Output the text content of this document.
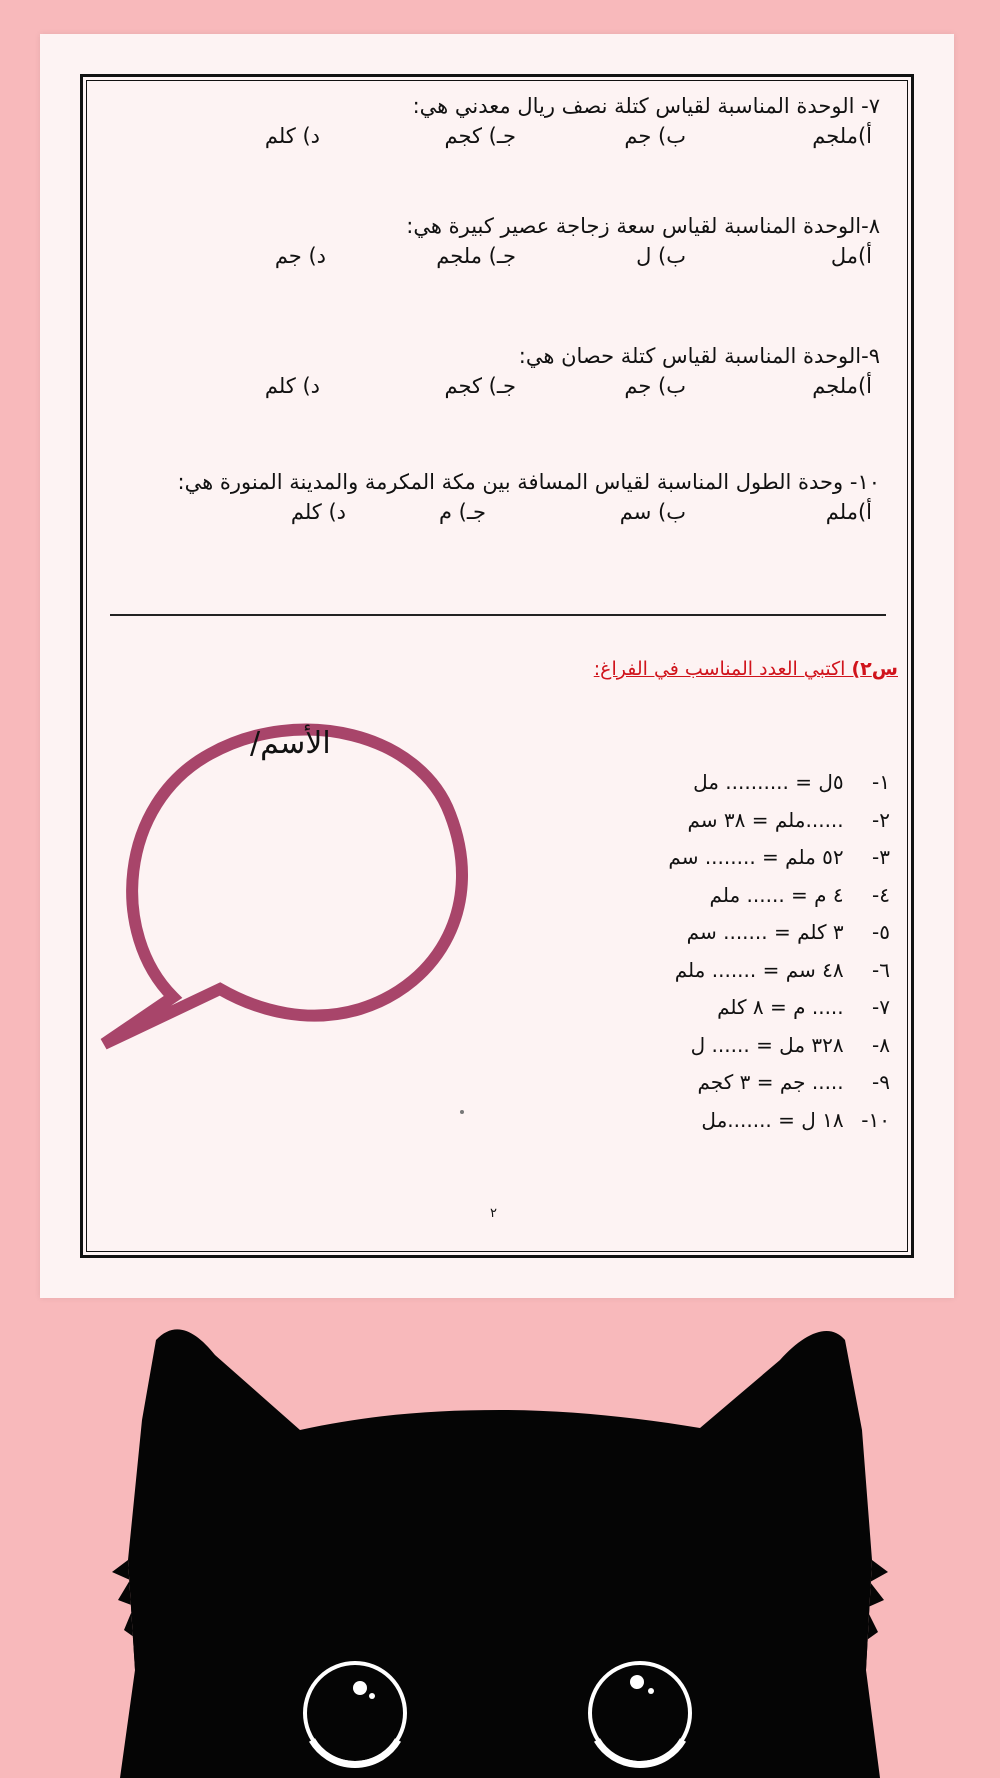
٧- الوحدة المناسبة لقياس كتلة نصف ريال معدني هي:
أ)ملجم
ب) جم
جـ) كجم
د) كلم
٨-الوحدة المناسبة لقياس سعة زجاجة عصير كبيرة هي:
أ)مل
ب) ل
جـ) ملجم
د) جم
٩-الوحدة المناسبة لقياس كتلة حصان هي:
أ)ملجم
ب) جم
جـ) كجم
د) كلم
١٠- وحدة الطول المناسبة لقياس المسافة بين مكة المكرمة والمدينة المنورة هي:
أ)ملم
ب) سم
جـ) م
د) كلم
س٢) اكتبي العدد المناسب في الفراغ:
الأسم/
١- ٥ل = .......... مل
٢- ......ملم = ٣٨ سم
٣- ٥٢ ملم = ........ سم
٤- ٤ م = ...... ملم
٥- ٣ كلم = ....... سم
٦- ٤٨ سم = ....... ملم
٧- ..... م = ٨ كلم
٨- ٣٢٨ مل = ...... ل
٩- ..... جم = ٣ كجم
١٠- ١٨ ل = .......مل
٢
